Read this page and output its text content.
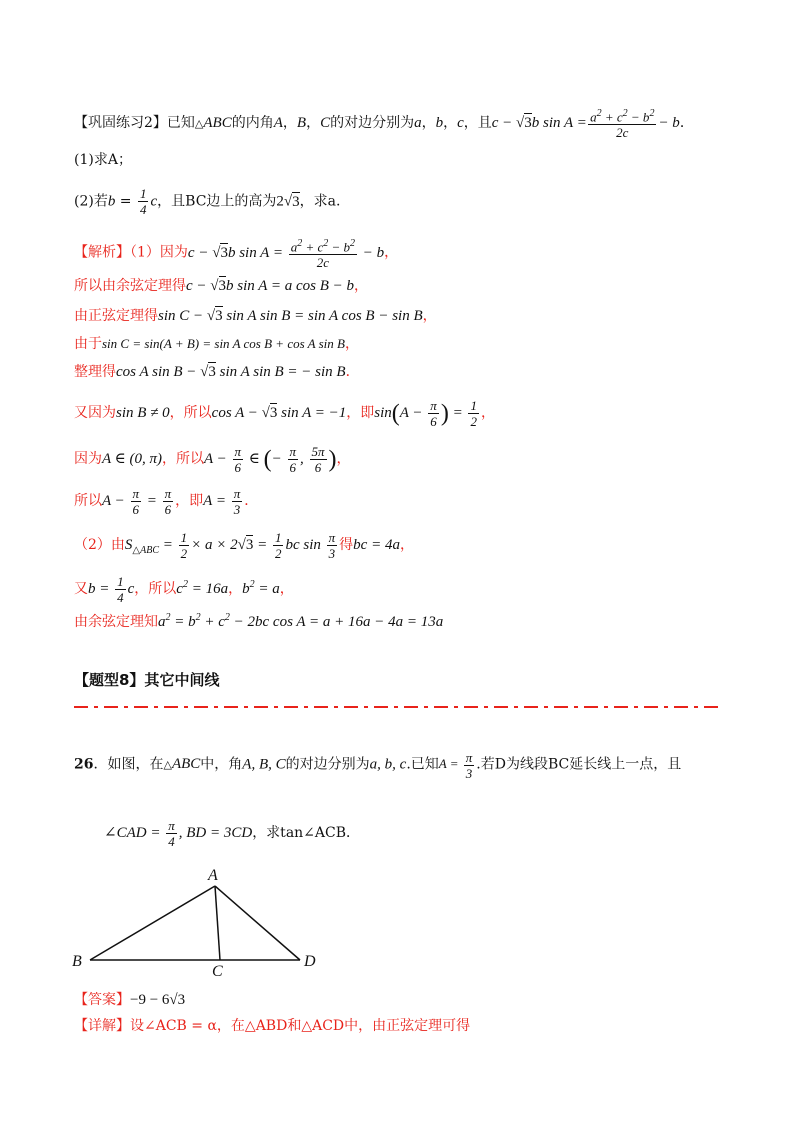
【巩固练习2】已知△ABC的内角A，B，C的对边分别为a，b，c，且c − √3b $\sin A = \frac{a^2 + c^2 - b^2}{2c} - b$．
(1)求A；
(2)若$b = \frac{1}{4}$ c，且BC边上的高为2√3，求a.
【解析】（1）因为c − √3b $\sin A = \frac{a^2 + c^2 - b^2}{2c} - b$，
所以由余弦定理得c − √3b sin A = a cos B − b，
由正弦定理得sin C − √3 sin A sin B = sin A cos B − sin B，
由于sin C = sin(A + B) = sin A cos B + cos A sin B，
整理得cos A sin B − √3 sin A sin B = − sin B．
又因为sin B ≠ 0，所以cos A − √3 sin A = −1，即$\sin(A - \frac{\pi}{6}$ ) = $\frac{1}{2}$ ，
因为A ∈ (0, π)，所以$A - \frac{\pi}{6}$ ∈ (− $\frac{\pi}{6}$ , $\frac{5\pi}{6}$ )，
所以$A - \frac{\pi}{6} = \frac{\pi}{6}$ ，即$A = \frac{\pi}{3}$ ．
（2）由$S_{\triangle ABC} = \frac{1}{2} \times a \times 2√3 = \frac{1}{2}$ bc $\sin \frac{\pi}{3}$ 得bc = 4a，
又$b = \frac{1}{4}$ c，所以$c^2 = 16a$，$b^2 = a$，
由余弦定理知$a^2 = b^2 + c^2 - 2bc$ cos A = a + 16a − 4a = 13a
【题型8】其它中间线
26．如图，在△ABC中，角A, B, C的对边分别为a, b, c.已知$A = \frac{\pi}{3}$ .若D为线段BC延长线上一点，且
∠CAD = $\frac{\pi}{4}$ , BD = 3CD，求tan∠ACB．
A
B
C
D
【答案】−9 − 6√3
【详解】设∠ACB = α，在△ABD和△ACD中，由正弦定理可得
